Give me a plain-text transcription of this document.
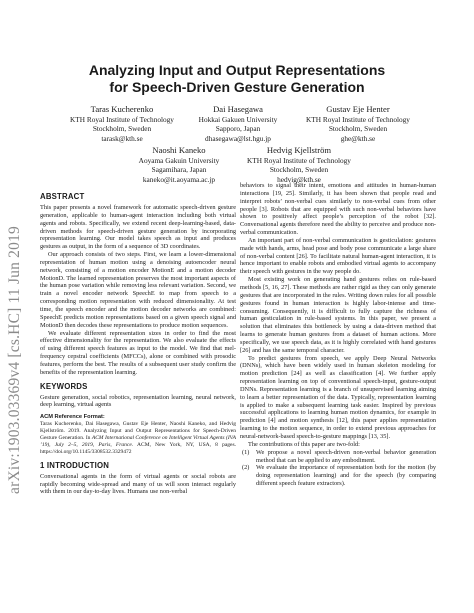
arXiv:1903.03369v4 [cs.HC] 11 Jun 2019
Analyzing Input and Output Representations
for Speech-Driven Gesture Generation
Taras Kucherenko
KTH Royal Institute of Technology
Stockholm, Sweden
tarask@kth.se
Dai Hasegawa
Hokkai Gakuen University
Sapporo, Japan
dhasegawa@lst.hgu.jp
Gustav Eje Henter
KTH Royal Institute of Technology
Stockholm, Sweden
ghe@kth.se
Naoshi Kaneko
Aoyama Gakuin University
Sagamihara, Japan
kaneko@it.aoyama.ac.jp
Hedvig Kjellström
KTH Royal Institute of Technology
Stockholm, Sweden
hedvig@kth.se
ABSTRACT

This paper presents a novel framework for automatic speech-driven gesture generation, applicable to human-agent interaction including both virtual agents and robots. Specifically, we extend recent deep-learning-based, data-driven methods for speech-driven gesture generation by incorporating representation learning. Our model takes speech as input and produces gestures as output, in the form of a sequence of 3D coordinates.

Our approach consists of two steps. First, we learn a lower-dimensional representation of human motion using a denoising autoencoder neural network, consisting of a motion encoder MotionE and a motion decoder MotionD. The learned representation preserves the most important aspects of the human pose variation while removing less relevant variation. Second, we train a novel encoder network SpeechE to map from speech to a corresponding motion representation with reduced dimensionality. At test time, the speech encoder and the motion decoder networks are combined: SpeechE predicts motion representations based on a given speech signal and MotionD then decodes these representations to produce motion sequences.

We evaluate different representation sizes in order to find the most effective dimensionality for the representation. We also evaluate the effects of using different speech features as input to the model. We find that mel-frequency cepstral coefficients (MFCCs), alone or combined with prosodic features, perform the best. The results of a subsequent user study confirm the benefits of the representation learning.

KEYWORDS

Gesture generation, social robotics, representation learning, neural network, deep learning, virtual agents

ACM Reference Format:

Taras Kucherenko, Dai Hasegawa, Gustav Eje Henter, Naoshi Kaneko, and Hedvig Kjellström. 2019. Analyzing Input and Output Representations for Speech-Driven Gesture Generation. In ACM International Conference on Intelligent Virtual Agents (IVA ’19), July 2–5, 2019, Paris, France. ACM, New York, NY, USA, 8 pages. https://doi.org/10.1145/3308532.3329472

1 INTRODUCTION

Conversational agents in the form of virtual agents or social robots are rapidly becoming wide-spread and many of us will soon interact regularly with them in our day-to-day lives. Humans use non-verbal

behaviors to signal their intent, emotions and attitudes in human-human interactions [19, 25]. Similarly, it has been shown that people read and interpret robots’ non-verbal cues similarly to non-verbal cues from other people [3]. Robots that are equipped with such non-verbal behaviors have shown to positively affect people’s perception of the robot [32]. Conversational agents therefore need the ability to perceive and produce non-verbal communication.

An important part of non-verbal communication is gesticulation: gestures made with hands, arms, head pose and body pose communicate a large share of non-verbal content [26]. To facilitate natural human-agent interaction, it is hence important to enable robots and embodied virtual agents to accompany their speech with gestures in the way people do.

Most existing work on generating hand gestures relies on rule-based methods [5, 16, 27]. These methods are rather rigid as they can only generate gestures that are incorporated in the rules. Writing down rules for all possible gestures found in human interaction is highly labor-intense and time-consuming. Consequently, it is difficult to fully capture the richness of human gesticulation in rule-based systems. In this paper, we present a solution that eliminates this bottleneck by using a data-driven method that learns to generate human gestures from a dataset of human actions. More specifically, we use speech data, as it is highly correlated with hand gestures [26] and has the same temporal character.

To predict gestures from speech, we apply Deep Neural Networks (DNNs), which have been widely used in human skeleton modeling for motion prediction [24] as well as classification [4]. We further apply representation learning on top of conventional speech-input, gesture-output DNNs. Representation learning is a branch of unsupervised learning aiming to learn a better representation of the data. Typically, representation learning is applied to make a subsequent learning task easier. Inspired by previous successful applications to learning human motion dynamics, for example in prediction [4] and motion synthesis [12], this paper applies representation learning to the motion sequence, in order to extend previous approaches for neural-network-based speech-to-gesture mappings [13, 35].

The contributions of this paper are two-fold:

(1)	We propose a novel speech-driven non-verbal behavior generation method that can be applied to any embodiment.
(2)	We evaluate the importance of representation both for the motion (by doing representation learning) and for the speech (by comparing different speech feature extractors).
